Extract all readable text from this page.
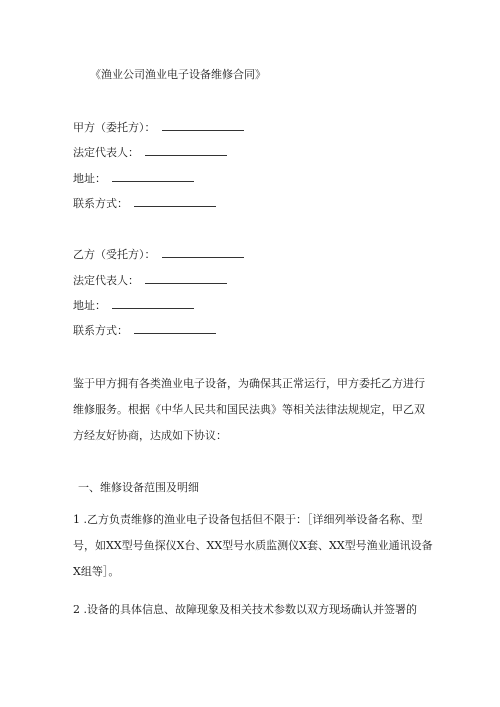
《渔业公司渔业电子设备维修合同》
甲方（委托方）：
法定代表人：
地址：
联系方式：
乙方（受托方）：
法定代表人：
地址：
联系方式：
鉴于甲方拥有各类渔业电子设备，为确保其正常运行，甲方委托乙方进行维修服务。根据《中华人民共和国民法典》等相关法律法规规定，甲乙双方经友好协商，达成如下协议：
一、维修设备范围及明细
1 .乙方负责维修的渔业电子设备包括但不限于：［详细列举设备名称、型号，如XX型号鱼探仪X台、XX型号水质监测仪X套、XX型号渔业通讯设备X组等］。
2 .设备的具体信息、故障现象及相关技术参数以双方现场确认并签署的
